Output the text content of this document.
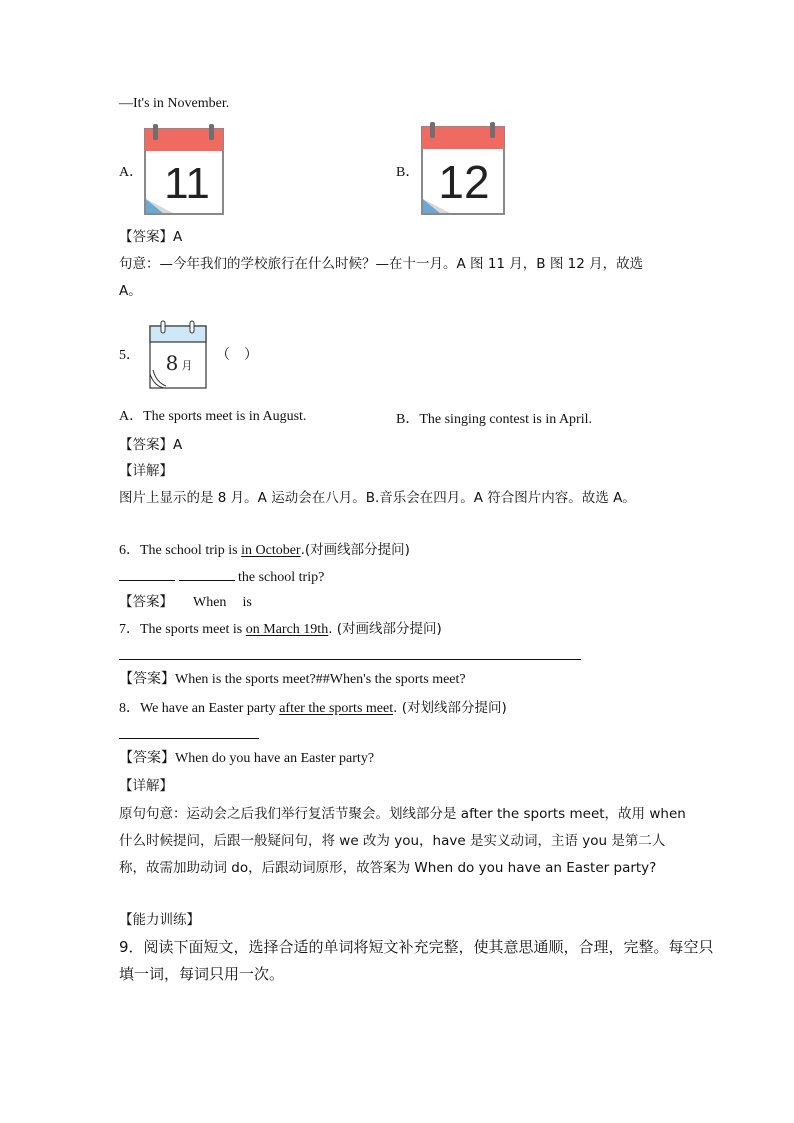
—It's in November.
A． 11	B． 12
【答案】A
句意：—今年我们的学校旅行在什么时候？—在十一月。A 图 11 月，B 图 12 月，故选
A。
5． 8 月
（　）
A．The sports meet is in August.	B．The singing contest is in April.
【答案】A
【详解】
图片上显示的是 8 月。A 运动会在八月。B.音乐会在四月。A 符合图片内容。故选 A。
6．The school trip is in October.(对画线部分提问)
the school trip?
【答案】 When is
7．The sports meet is on March 19th. (对画线部分提问)
【答案】When is the sports meet?##When's the sports meet?
8．We have an Easter party after the sports meet. (对划线部分提问)
【答案】When do you have an Easter party?
【详解】
原句句意：运动会之后我们举行复活节聚会。划线部分是 after the sports meet，故用 when
什么时候提问，后跟一般疑问句，将 we 改为 you，have 是实义动词，主语 you 是第二人
称，故需加助动词 do，后跟动词原形，故答案为 When do you have an Easter party?
【能力训练】
9．阅读下面短文，选择合适的单词将短文补充完整，使其意思通顺，合理，完整。每空只
填一词，每词只用一次。
